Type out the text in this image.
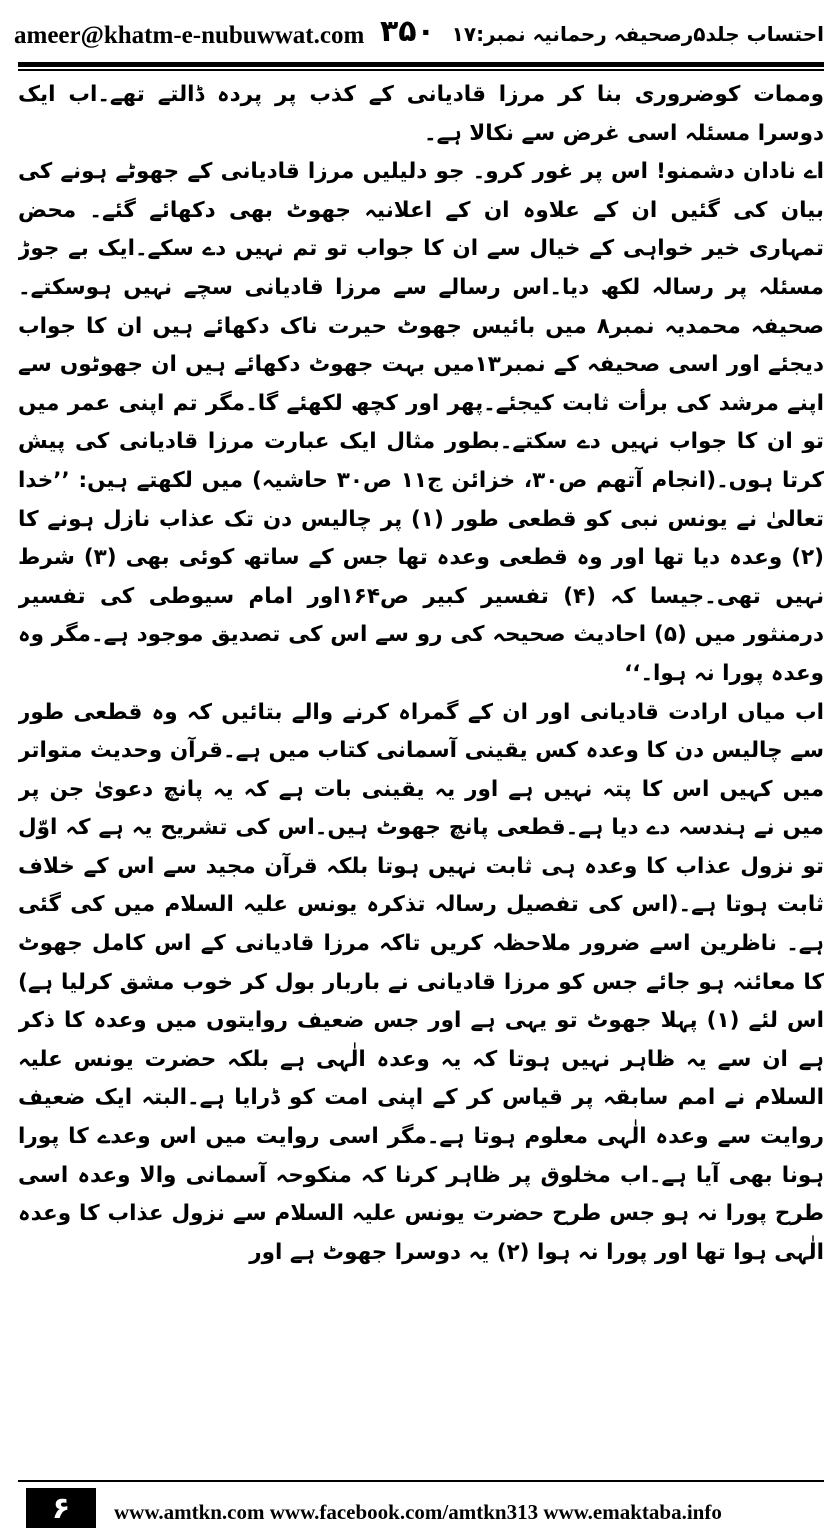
ameer@khatm-e-nubuwwat.com ۳۵۰ احتساب جلد۵رصحیفہ رحمانیہ نمبر:۱۷

وممات کوضروری بنا کر مرزا قادیانی کے کذب پر پردہ ڈالتے تھے۔اب ایک دوسرا مسئلہ اسی غرض سے نکالا ہے۔

اے نادان دشمنو! اس پر غور کرو۔ جو دلیلیں مرزا قادیانی کے جھوٹے ہونے کی بیان کی گئیں ان کے علاوہ ان کے اعلانیہ جھوٹ بھی دکھائے گئے۔ محض تمہاری خیر خواہی کے خیال سے ان کا جواب تو تم نہیں دے سکے۔ایک بے جوڑ مسئلہ پر رسالہ لکھ دیا۔اس رسالے سے مرزا قادیانی سچے نہیں ہوسکتے۔صحیفہ محمدیہ نمبر۸ میں بائیس جھوٹ حیرت ناک دکھائے ہیں ان کا جواب دیجئے اور اسی صحیفہ کے نمبر۱۳میں بہت جھوٹ دکھائے ہیں ان جھوٹوں سے اپنے مرشد کی برأت ثابت کیجئے۔پھر اور کچھ لکھئے گا۔مگر تم اپنی عمر میں تو ان کا جواب نہیں دے سکتے۔بطور مثال ایک عبارت مرزا قادیانی کی پیش کرتا ہوں۔(انجام آتھم ص۳۰، خزائن ج۱۱ ص۳۰ حاشیہ) میں لکھتے ہیں: ’’خدا تعالیٰ نے یونس نبی کو قطعی طور (۱) پر چالیس دن تک عذاب نازل ہونے کا (۲) وعدہ دیا تھا اور وہ قطعی وعدہ تھا جس کے ساتھ کوئی بھی (۳) شرط نہیں تھی۔جیسا کہ (۴) تفسیر کبیر ص۱۶۴اور امام سیوطی کی تفسیر درمنثور میں (۵) احادیث صحیحہ کی رو سے اس کی تصدیق موجود ہے۔مگر وہ وعدہ پورا نہ ہوا۔‘‘

اب میاں ارادت قادیانی اور ان کے گمراہ کرنے والے بتائیں کہ وہ قطعی طور سے چالیس دن کا وعدہ کس یقینی آسمانی کتاب میں ہے۔قرآن وحدیث متواتر میں کہیں اس کا پتہ نہیں ہے اور یہ یقینی بات ہے کہ یہ پانچ دعویٰ جن پر میں نے ہندسہ دے دیا ہے۔قطعی پانچ جھوٹ ہیں۔اس کی تشریح یہ ہے کہ اوّل تو نزول عذاب کا وعدہ ہی ثابت نہیں ہوتا بلکہ قرآن مجید سے اس کے خلاف ثابت ہوتا ہے۔(اس کی تفصیل رسالہ تذکرہ یونس علیہ السلام میں کی گئی ہے۔ ناظرین اسے ضرور ملاحظہ کریں تاکہ مرزا قادیانی کے اس کامل جھوٹ کا معائنہ ہو جائے جس کو مرزا قادیانی نے باربار بول کر خوب مشق کرلیا ہے) اس لئے (۱) پہلا جھوٹ تو یہی ہے اور جس ضعیف روایتوں میں وعدہ کا ذکر ہے ان سے یہ ظاہر نہیں ہوتا کہ یہ وعدہ الٰہی ہے بلکہ حضرت یونس علیہ السلام نے امم سابقہ پر قیاس کر کے اپنی امت کو ڈرایا ہے۔البتہ ایک ضعیف روایت سے وعدہ الٰہی معلوم ہوتا ہے۔مگر اسی روایت میں اس وعدے کا پورا ہونا بھی آیا ہے۔اب مخلوق پر ظاہر کرنا کہ منکوحہ آسمانی والا وعدہ اسی طرح پورا نہ ہو جس طرح حضرت یونس علیہ السلام سے نزول عذاب کا وعدہ الٰہی ہوا تھا اور پورا نہ ہوا (۲) یہ دوسرا جھوٹ ہے اور

۶	www.amtkn.com www.facebook.com/amtkn313 www.emaktaba.info
